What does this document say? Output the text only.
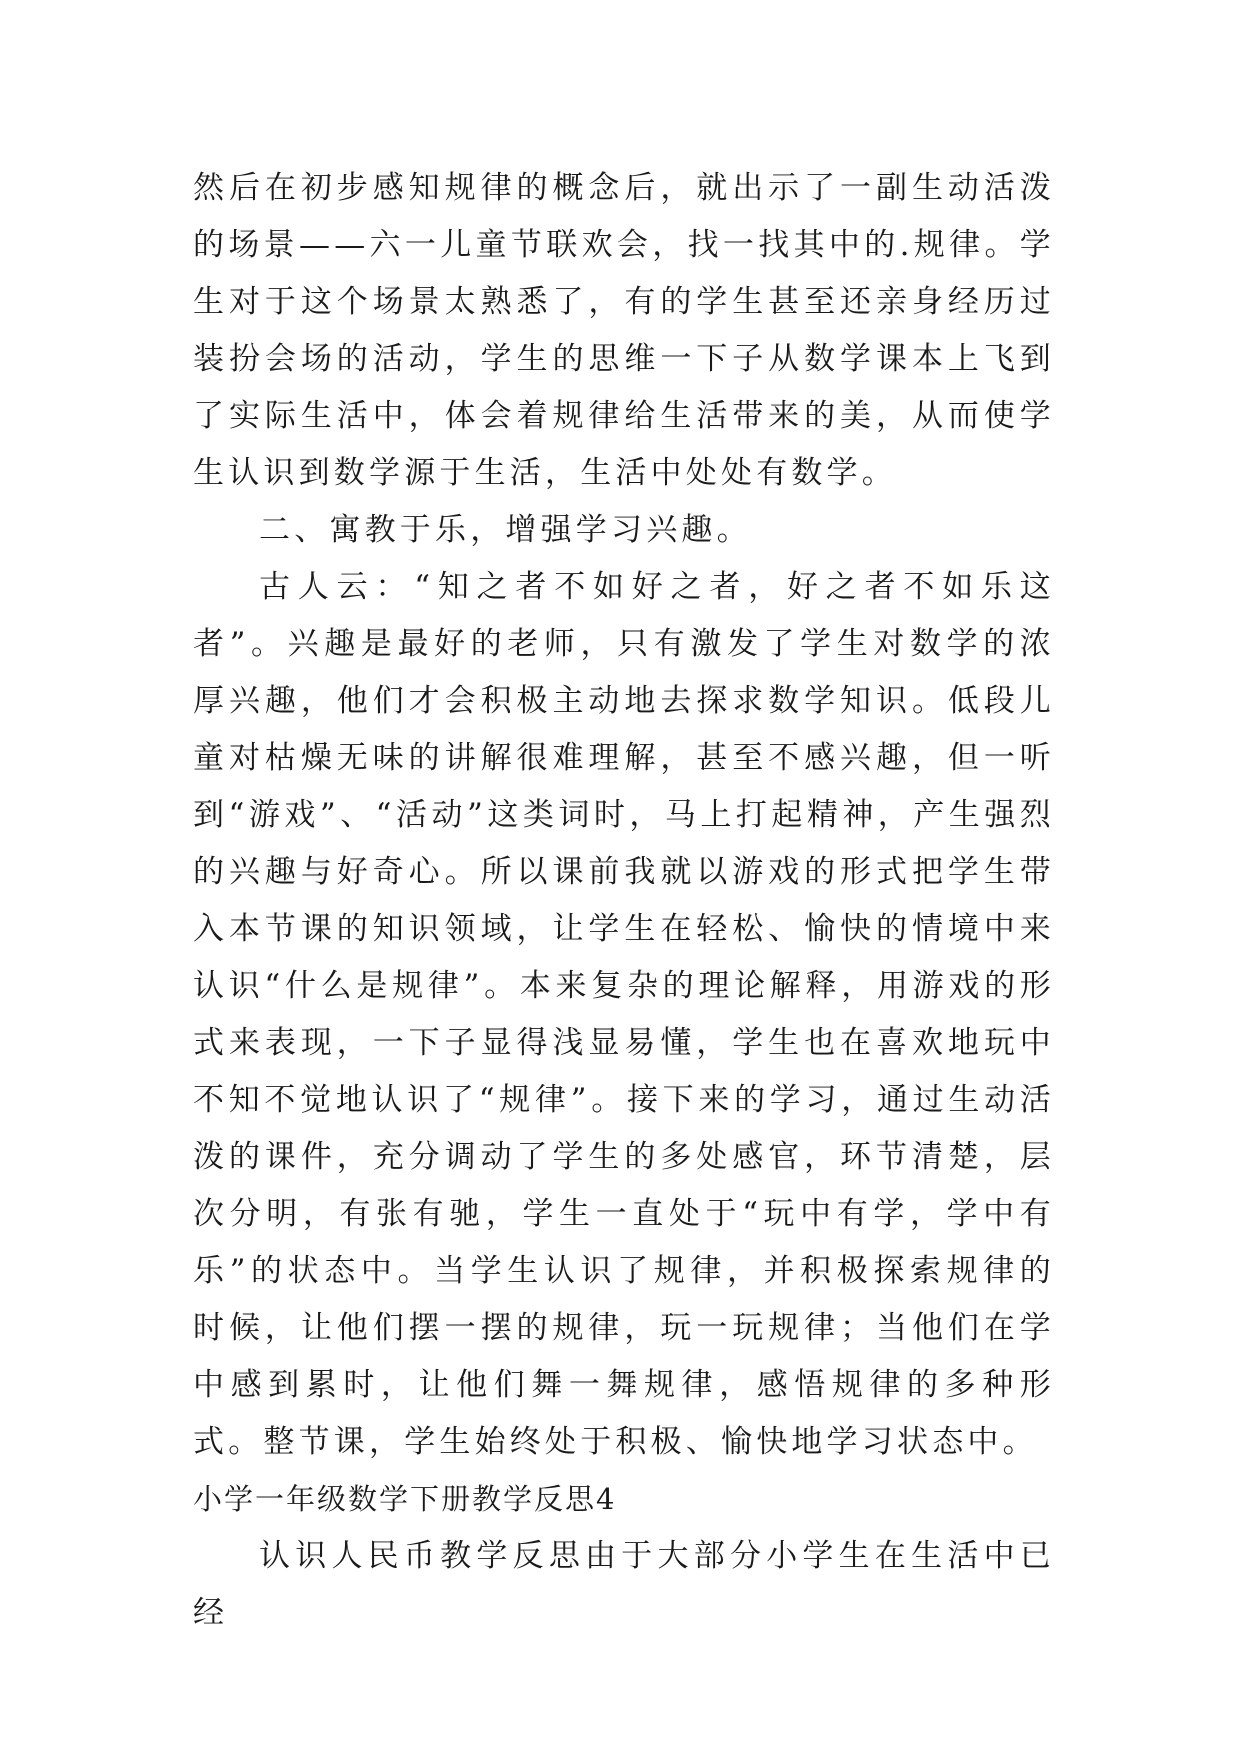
然后在初步感知规律的概念后，就出示了一副生动活泼的场景——六一儿童节联欢会，找一找其中的.规律。学生对于这个场景太熟悉了，有的学生甚至还亲身经历过装扮会场的活动，学生的思维一下子从数学课本上飞到了实际生活中，体会着规律给生活带来的美，从而使学生认识到数学源于生活，生活中处处有数学。

二、寓教于乐，增强学习兴趣。

古人云：“知之者不如好之者，好之者不如乐这者”。兴趣是最好的老师，只有激发了学生对数学的浓厚兴趣，他们才会积极主动地去探求数学知识。低段儿童对枯燥无味的讲解很难理解，甚至不感兴趣，但一听到“游戏”、“活动”这类词时，马上打起精神，产生强烈的兴趣与好奇心。所以课前我就以游戏的形式把学生带入本节课的知识领域，让学生在轻松、愉快的情境中来认识“什么是规律”。本来复杂的理论解释，用游戏的形式来表现，一下子显得浅显易懂，学生也在喜欢地玩中不知不觉地认识了“规律”。接下来的学习，通过生动活泼的课件，充分调动了学生的多处感官，环节清楚，层次分明，有张有驰，学生一直处于“玩中有学，学中有乐”的状态中。当学生认识了规律，并积极探索规律的时候，让他们摆一摆的规律，玩一玩规律；当他们在学中感到累时，让他们舞一舞规律，感悟规律的多种形式。整节课，学生始终处于积极、愉快地学习状态中。

小学一年级数学下册教学反思4

认识人民币教学反思由于大部分小学生在生活中已经
